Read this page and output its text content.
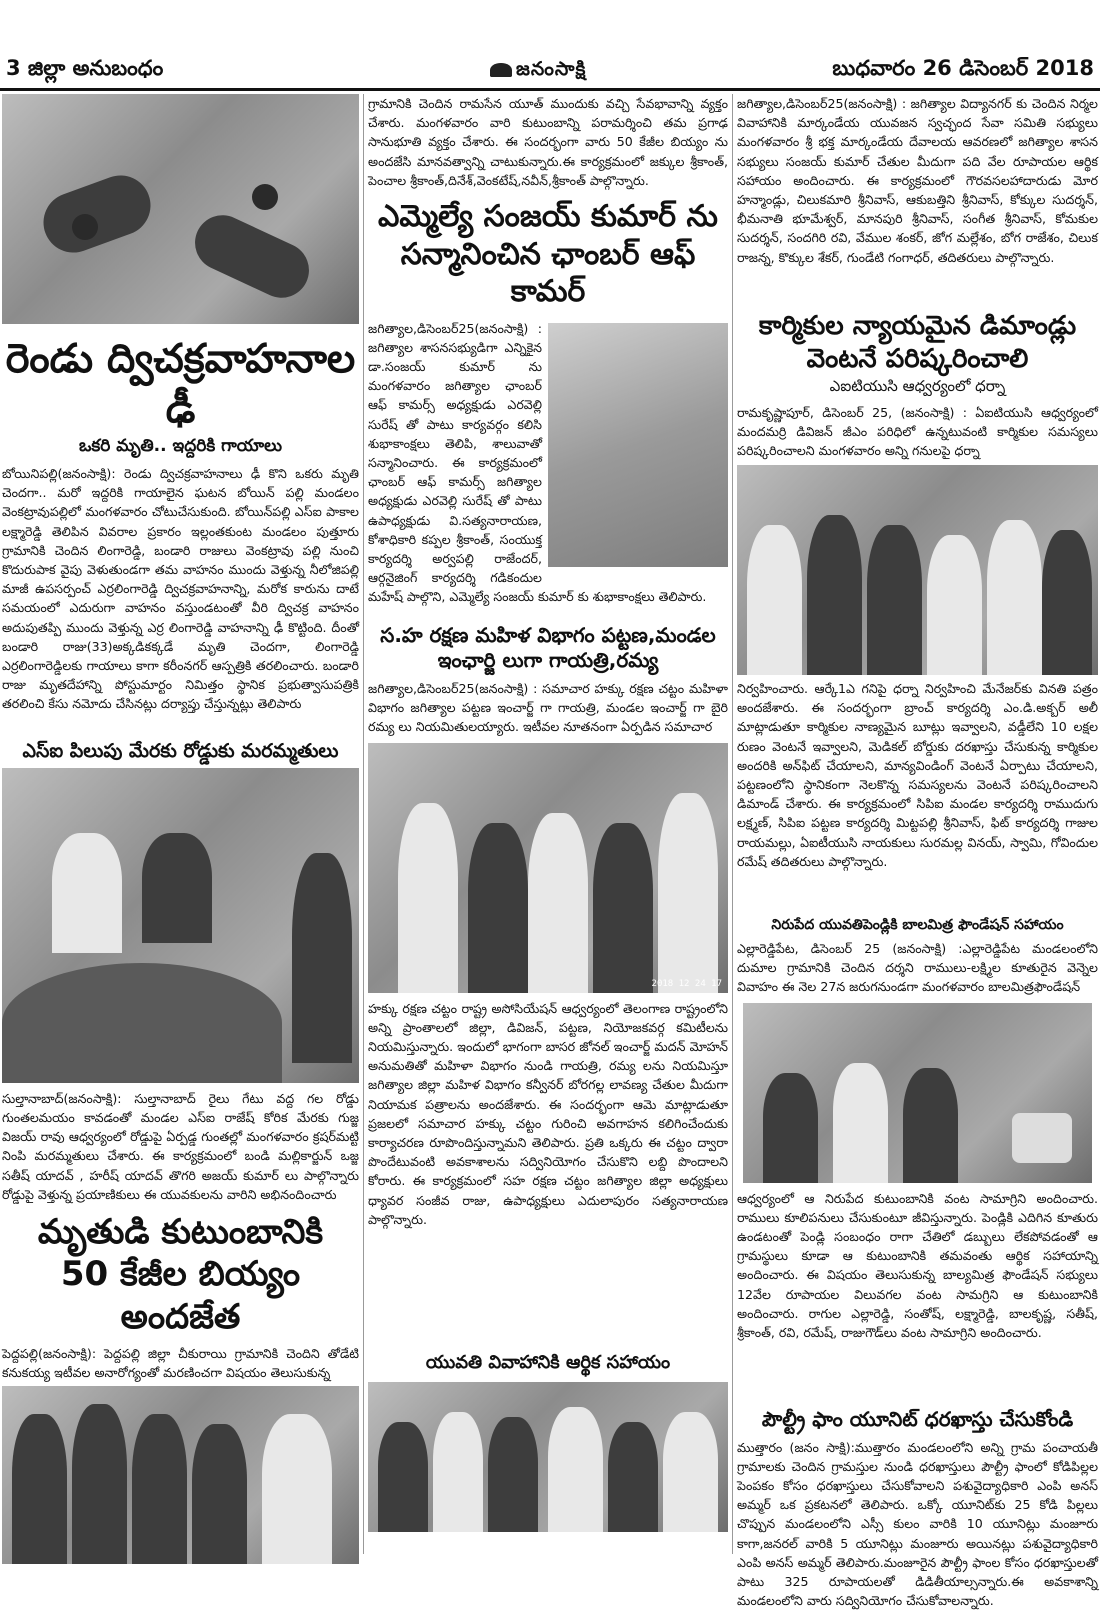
3 జిల్లా అనుబంధం	జనంసాక్షి	బుధవారం 26 డిసెంబర్ 2018
రెండు ద్విచక్రవాహనాల ఢీ
ఒకరి మృతి.. ఇద్దరికి గాయాలు

బోయినిపల్లి(జనంసాక్షి): రెండు ద్విచక్రవాహనాలు ఢీ కొని ఒకరు మృతి చెందగా.. మరో ఇద్దరికి గాయాలైన ఘటన బోయిన్ పల్లి మండలం వెంకట్రావుపల్లిలో మంగళవారం చోటుచేసుకుంది. బోయిన్‌పల్లి ఎస్‌ఐ పాకాల లక్ష్మారెడ్డి తెలిపిన వివరాల ప్రకారం ఇల్లంతకుంట మండలం పుత్తూరు గ్రామానికి చెందిన లింగారెడ్డి, బండారి రాజులు వెంకట్రావు పల్లి నుంచి కొదురుపాక వైపు వెళుతుండగా తమ వాహనం ముందు వెళ్తున్న నీలోజిపల్లి మాజీ ఉపసర్పంచ్ ఎర్రలింగారెడ్డి ద్విచక్రవాహనాన్ని, మరోక కారును దాటే సమయంలో ఎదురుగా వాహనం వస్తుండటంతో వీరి ద్విచక్ర వాహనం అదుపుతప్పి ముందు వెళ్తున్న ఎర్ర లింగారెడ్డి వాహనాన్ని ఢీ కొట్టింది. దీంతో బండారి రాజు(33)అక్కడికక్కడే మృతి చెందగా, లింగారెడ్డి ఎర్రలింగారెడ్డిలకు గాయాలు కాగా కరీంనగర్ ఆస్పత్రికి తరలించారు. బండారి రాజు మృతదేహాన్ని పోస్టుమార్టం నిమిత్తం స్థానిక ప్రభుత్వాసుపత్రికి తరలించి కేసు నమోదు చేసినట్లు దర్యాప్తు చేస్తున్నట్లు తెలిపారు

ఎస్ఐ పిలుపు మేరకు రోడ్డుకు మరమ్మతులు

సుల్తానాబాద్(జనంసాక్షి): సుల్తానాబాద్ రైలు గేటు వద్ద గల రోడ్డు గుంతలమయం కావడంతో మండల ఎస్‌ఐ రాజేష్ కోరిక మేరకు గుజ్జ విజయ్ రావు ఆధ్వర్యంలో రోడ్డుపై ఏర్పడ్డ గుంతల్లో మంగళవారం క్రషర్‌మట్టి నింపి మరమ్మతులు చేశారు. ఈ కార్యక్రమంలో బండి మల్లికార్జున్ ఒజ్జ సతీష్ యాదవ్ , హరీష్ యాదవ్ తొగరి అజయ్ కుమార్ లు పాల్గొన్నారు రోడ్డుపై వెళ్తున్న ప్రయాణికులు ఈ యువకులను వారిని అభినందించారు

మృతుడి కుటుంబానికి
50 కేజీల బియ్యం అందజేత

పెద్దపల్లి(జనంసాక్షి): పెద్దపల్లి జిల్లా చీకురాయి గ్రామానికి చెందిని తోడేటి కనుకయ్య ఇటీవల అనారోగ్యంతో మరణించగా విషయం తెలుసుకున్న

గ్రామానికి చెందిన రామసేన యూత్ ముందుకు వచ్చి సేవభావాన్ని వ్యక్తం చేశారు. మంగళవారం వారి కుటుంబాన్ని పరామర్శించి తమ ప్రగాఢ సానుభూతి వ్యక్తం చేశారు. ఈ సందర్భంగా వారు 50 కేజీల బియ్యం ను అందజేసి మానవత్వాన్ని చాటుకున్నారు.ఈ కార్యక్రమంలో జక్కుల శ్రీకాంత్, పెంచాల శ్రీకాంత్,దినేశ్,వెంకటేష్,నవీన్,శ్రీకాంత్ పాల్గొన్నారు.

ఎమ్మెల్యే సంజయ్ కుమార్ ను
సన్మానించిన ఛాంబర్ ఆఫ్ కామర్

జగిత్యాల,డిసెంబర్25(జనంసాక్షి) : జగిత్యాల శాసనసభ్యుడిగా ఎన్నికైన డా.సంజయ్ కుమార్ ను మంగళవారం జగిత్యాల ఛాంబర్ ఆఫ్ కామర్స్ అధ్యక్షుడు ఎరవెల్లి సురేష్ తో పాటు కార్యవర్గం కలిసి శుభాకాంక్షలు తెలిపి, శాలువాతో సన్మానించారు. ఈ కార్యక్రమంలో ఛాంబర్ ఆఫ్ కామర్స్ జగిత్యాల అధ్యక్షుడు ఎరవెల్లి సురేష్ తో పాటు ఉపాధ్యక్షుడు వి.సత్యనారాయణ, కోశాధికారి కప్పల శ్రీకాంత్, సంయుక్త కార్యదర్శి అర్వపల్లి రాజేందర్, ఆర్గనైజింగ్ కార్యదర్శి గడికందుల మహేష్ పాల్గొని, ఎమ్మెల్యే సంజయ్ కుమార్ కు శుభాకాంక్షలు తెలిపారు.

స.హ రక్షణ మహిళ విభాగం పట్టణ,మండల
ఇంఛార్జి లుగా గాయత్రి,రమ్య

జగిత్యాల,డిసెంబర్25(జనంసాక్షి) : సమాచార హక్కు రక్షణ చట్టం మహిళా విభాగం జగిత్యాల పట్టణ ఇంచార్జ్ గా గాయత్రి, మండల ఇంచార్జ్ గా బైరి రమ్య లు నియమితులయ్యారు. ఇటీవల నూతనంగా ఏర్పడిన సమాచార

2018 12 24 17

హక్కు రక్షణ చట్టం రాష్ట్ర అసోసియేషన్ ఆధ్వర్యంలో తెలంగాణ రాష్ట్రంలోని అన్ని ప్రాంతాలలో జిల్లా, డివిజన్, పట్టణ, నియోజకవర్గ కమిటీలను నియమిస్తున్నారు. ఇందులో భాగంగా బాసర జోనల్ ఇంచార్జ్ మదన్ మోహన్ అనుమతితో మహిళా విభాగం నుండి గాయత్రి, రమ్య లను నియమిస్తూ జగిత్యాల జిల్లా మహిళ విభాగం కన్వీనర్ బోరగల్ల లావణ్య చేతుల మీదుగా నియామక పత్రాలను అందజేశారు. ఈ సందర్భంగా ఆమె మాట్లాడుతూ ప్రజలలో సమాచార హక్కు చట్టం గురించి అవగాహన కలిగించేందుకు కార్యాచరణ రూపొందిస్తున్నామని తెలిపారు. ప్రతి ఒక్కరు ఈ చట్టం ద్వారా పొందేటువంటి అవకాశాలను సద్వినియోగం చేసుకొని లబ్ది పొందాలని కోరారు. ఈ కార్యక్రమంలో సహ రక్షణ చట్టం జగిత్యాల జిల్లా అధ్యక్షులు ధ్యావర సంజీవ రాజు, ఉపాధ్యక్షులు ఎదులాపురం సత్యనారాయణ పాల్గొన్నారు.

యువతి వివాహానికి ఆర్థిక సహాయం

జగిత్యాల,డిసెంబర్25(జనంసాక్షి) : జగిత్యాల విద్యానగర్ కు చెందిన నిర్మల వివాహానికి మార్కండేయ యువజన స్వచ్ఛంద సేవా సమితి సభ్యులు మంగళవారం శ్రీ భక్త మార్కండేయ దేవాలయ ఆవరణలో జగిత్యాల శాసన సభ్యులు సంజయ్ కుమార్ చేతుల మీదుగా పది వేల రూపాయల ఆర్థిక సహాయం అందించారు. ఈ కార్యక్రమంలో గౌరవసలహాదారుడు మోర హన్మాండ్లు, చిలుకమారి శ్రీనివాస్, ఆకుబత్తిని శ్రీనివాస్, కోక్కుల సుదర్శన్, భీమనాతి భూమేశ్వర్, మానపురి శ్రీనివాస్, సంగీత శ్రీనివాస్, కోమకుల సుదర్శన్, సందగిరి రవి, వేముల శంకర్, జోగ మల్లేశం, బోగ రాజేశం, చిలుక రాజన్న, కొక్కుల శేకర్, గుండేటి గంగాధర్, తదితరులు పాల్గొన్నారు.

కార్మికుల న్యాయమైన డిమాండ్లు
వెంటనే పరిష్కరించాలి
ఎఐటియుసి ఆధ్వర్యంలో ధర్నా

రామకృష్ణాపూర్, డిసెంబర్ 25, (జనంసాక్షి) : ఏఐటియుసి ఆధ్వర్యంలో మందమర్రి డివిజన్ జీఎం పరిధిలో ఉన్నటువంటి కార్మికుల సమస్యలు పరిష్కరించాలని మంగళవారం అన్ని గనులపై ధర్నా

నిర్వహించారు. ఆర్కే1ఎ గనిపై ధర్నా నిర్వహించి మేనేజర్‌కు వినతి పత్రం అందజేశారు. ఈ సందర్భంగా బ్రాంచ్ కార్యదర్శి ఎం.డి.అక్బర్ అలీ మాట్లాడుతూ కార్మికుల నాణ్యమైన బూట్లు ఇవ్వాలని, వడ్డీలేని 10 లక్షల రుణం వెంటనే ఇవ్వాలని, మెడికల్ బోర్డుకు దరఖాస్తు చేసుకున్న కార్మికుల అందరికి అన్‌ఫిట్ చేయాలని, మాన్యవిండింగ్ వెంటనే ఏర్పాటు చేయాలని, పట్టణంలోని స్థానికంగా నెలకొన్న సమస్యలను వెంటనే పరిష్కరించాలని డిమాండ్ చేశారు. ఈ కార్యక్రమంలో సిపిఐ మండల కార్యదర్శి రాముదుగు లక్ష్మణ్, సిపిఐ పట్టణ కార్యదర్శి మిట్టపల్లి శ్రీనివాస్, ఫిట్ కార్యదర్శి గాజుల రాయమల్లు, ఏఐటీయుసి నాయకులు సురమల్ల వినయ్, స్వామి, గోవిందుల రమేష్ తదితరులు పాల్గొన్నారు.

నిరుపేద యువతిపెండ్లికి బాలమిత్ర ఫౌండేషన్ సహాయం

ఎల్లారెడ్డిపేట, డిసెంబర్ 25 (జనంసాక్షి) :ఎల్లారెడ్డిపేట మండలంలోని దుమాల గ్రామానికి చెందిన దర్శని రాములు-లక్ష్మిల కూతురైన వెన్నెల వివాహం ఈ నెల 27న జరుగనుండగా మంగళవారం బాలమిత్రఫౌండేషన్

ఆధ్వర్యంలో ఆ నిరుపేద కుటుంబానికి వంట సామాగ్రిని అందించారు. రాములు కూలిపనులు చేసుకుంటూ జీవిస్తున్నారు. పెండ్లికి ఎదిగిన కూతురు ఉండటంతో పెండ్లి సంబంధం రాగా చేతిలో డబ్బులు లేకపోవడంతో ఆ గ్రామస్థులు కూడా ఆ కుటుంబానికి తమవంతు ఆర్థిక సహాయాన్ని అందించారు. ఈ విషయం తెలుసుకున్న బాల్యమిత్ర ఫౌండేషన్ సభ్యులు 12వేల రూపాయల విలువగల వంట సామగ్రిని ఆ కుటుంబానికి అందించారు. రాగుల ఎల్లారెడ్డి, సంతోష్, లక్ష్మారెడ్డి, బాలకృష్ణ, సతీష్, శ్రీకాంత్, రవి, రమేష్, రాజుగౌడ్‌లు వంట సామాగ్రిని అందించారు.

పౌల్ట్రీ ఫాం యూనిట్ ధరఖాస్తు చేసుకోండి

ముత్తారం (జనం సాక్షి):ముత్తారం మండలంలోని అన్ని గ్రామ పంచాయతీ గ్రామాలకు చెందిన గ్రామస్తుల నుండి ధరఖాస్తులు పౌల్ట్రీ ఫాంలో కోడిపిల్లల పెంపకం కోసం ధరఖాస్తులు చేసుకోవాలని పశువైద్యాధికారి ఎంపి అనస్ అమ్మర్ ఒక ప్రకటనలో తెలిపారు. ఒక్కో యూనిట్‌కు 25 కోడి పిల్లలు చొప్పున మండలంలోని ఎస్సీ కులం వారికి 10 యూనిట్లు మంజూరు కాగా,జనరల్ వారికి 5 యూనిట్లు మంజూరు అయినట్లు పశువైద్యాధికారి ఎంపి అనస్ అమ్మర్ తెలిపారు.మంజూరైన పౌల్ట్రీ ఫాంల కోసం ధరఖాస్తులతో పాటు 325 రూపాయలతో డిడితీయాల్సన్నారు.ఈ అవకాశాన్ని మండలంలోని వారు సద్వినియోగం చేసుకోవాలన్నారు.
